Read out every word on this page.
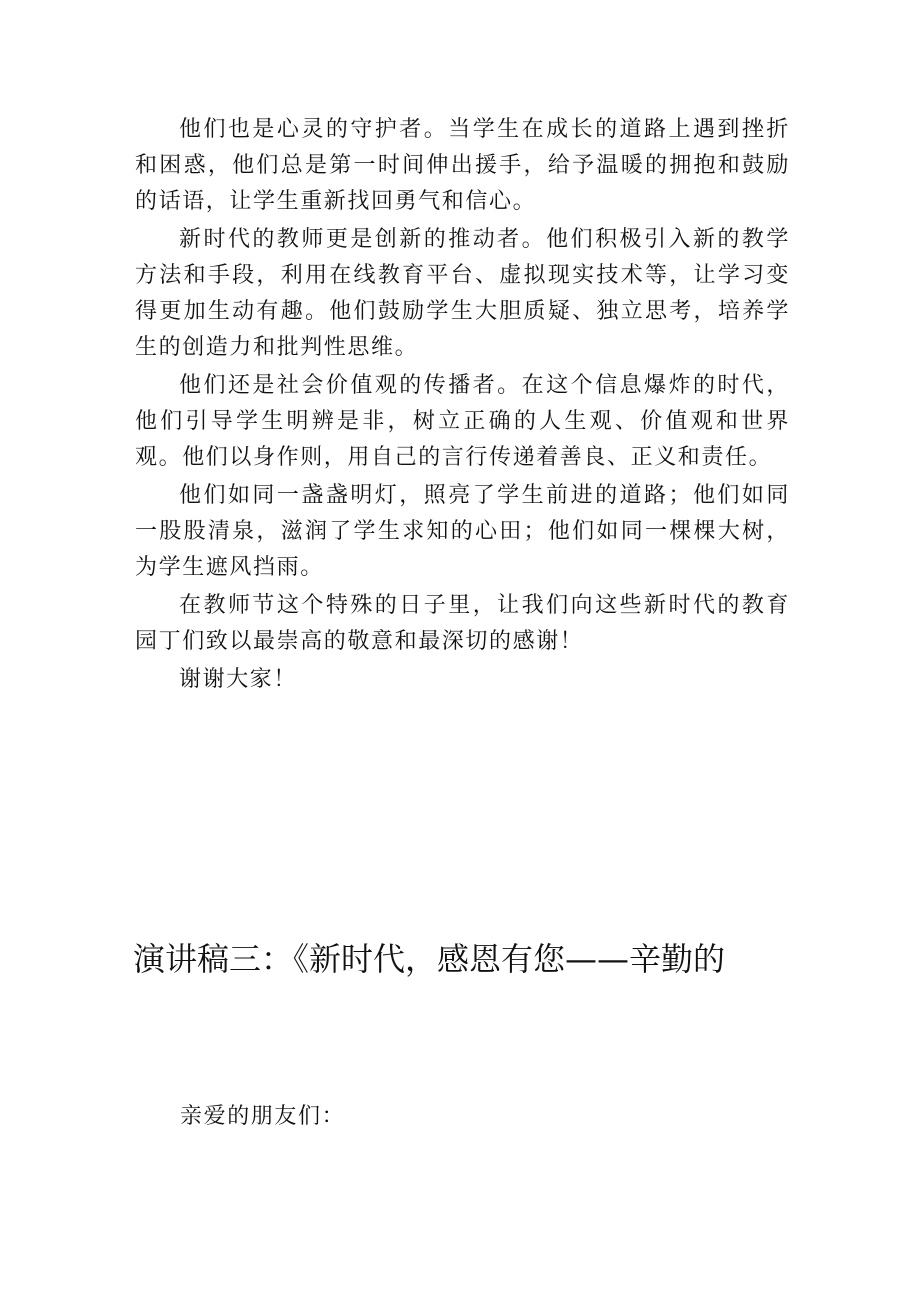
他们也是心灵的守护者。当学生在成长的道路上遇到挫折和困惑，他们总是第一时间伸出援手，给予温暖的拥抱和鼓励的话语，让学生重新找回勇气和信心。

新时代的教师更是创新的推动者。他们积极引入新的教学方法和手段，利用在线教育平台、虚拟现实技术等，让学习变得更加生动有趣。他们鼓励学生大胆质疑、独立思考，培养学生的创造力和批判性思维。

他们还是社会价值观的传播者。在这个信息爆炸的时代，他们引导学生明辨是非，树立正确的人生观、价值观和世界观。他们以身作则，用自己的言行传递着善良、正义和责任。

他们如同一盏盏明灯，照亮了学生前进的道路；他们如同一股股清泉，滋润了学生求知的心田；他们如同一棵棵大树，为学生遮风挡雨。

在教师节这个特殊的日子里，让我们向这些新时代的教育园丁们致以最崇高的敬意和最深切的感谢！

谢谢大家！

演讲稿三：《新时代，感恩有您——辛勤的

亲爱的朋友们：
